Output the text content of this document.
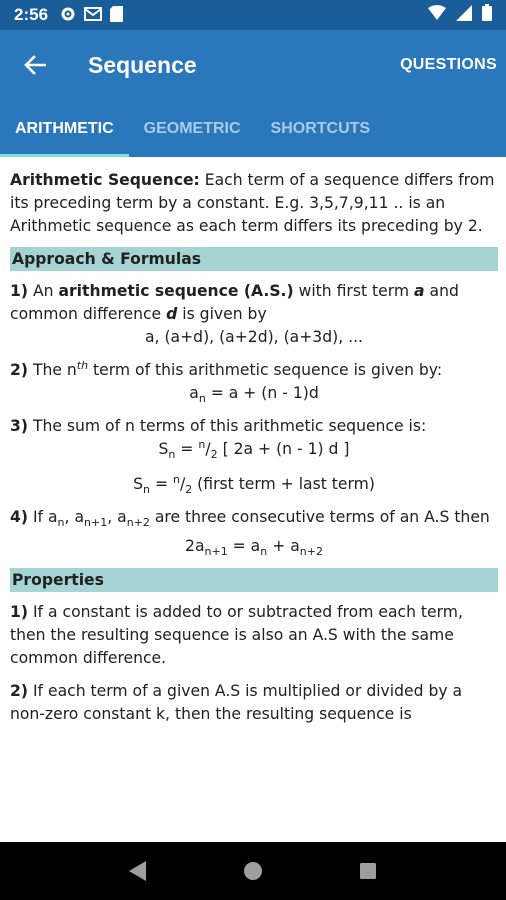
2:56
Sequence	QUESTIONS
ARITHMETIC	GEOMETRIC	SHORTCUTS

Arithmetic Sequence: Each term of a sequence differs from its preceding term by a constant. E.g. 3,5,7,9,11 .. is an Arithmetic sequence as each term differs its preceding by 2.

Approach & Formulas

1) An arithmetic sequence (A.S.) with first term a and common difference d is given by

a, (a+d), (a+2d), (a+3d), ...

2) The $n^{th}$ term of this arithmetic sequence is given by:

$a_n = a + (n - 1)d$

3) The sum of n terms of this arithmetic sequence is:

$S_n = ^n/_2$ [ 2a + (n - 1) d ]

$S_n = ^n/_2$ (first term + last term)

4) If $a_n$, $a_{n+1}$, $a_{n+2}$ are three consecutive terms of an A.S then

$2a_{n+1} = a_n + a_{n+2}$

Properties

1) If a constant is added to or subtracted from each term, then the resulting sequence is also an A.S with the same common difference.

2) If each term of a given A.S is multiplied or divided by a non-zero constant k, then the resulting sequence is
